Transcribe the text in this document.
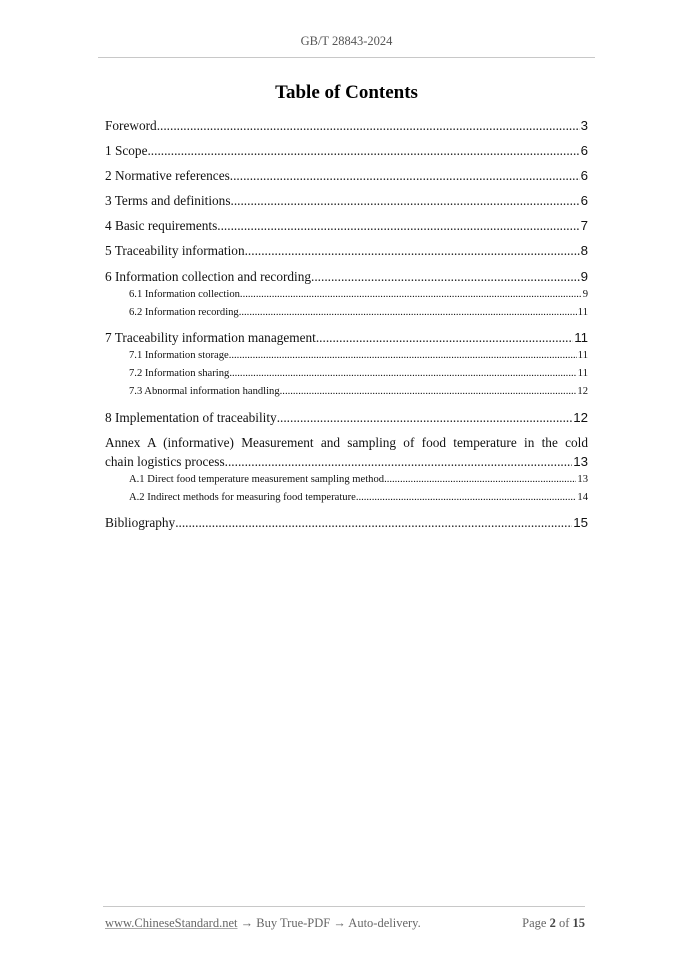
GB/T 28843-2024
Table of Contents
Foreword .....	3
1 Scope .....	6
2 Normative references .....	6
3 Terms and definitions .....	6
4 Basic requirements .....	7
5 Traceability information .....	8
6 Information collection and recording .....	9
6.1 Information collection .....	9
6.2 Information recording .....	11
7 Traceability information management .....	11
7.1 Information storage .....	11
7.2 Information sharing .....	11
7.3 Abnormal information handling .....	12
8 Implementation of traceability .....	12
Annex A (informative) Measurement and sampling of food temperature in the cold
chain logistics process .....	13
A.1 Direct food temperature measurement sampling method .....	13
A.2 Indirect methods for measuring food temperature .....	14
Bibliography .....	15
www.ChineseStandard.net → Buy True-PDF → Auto-delivery.	Page 2 of 15
